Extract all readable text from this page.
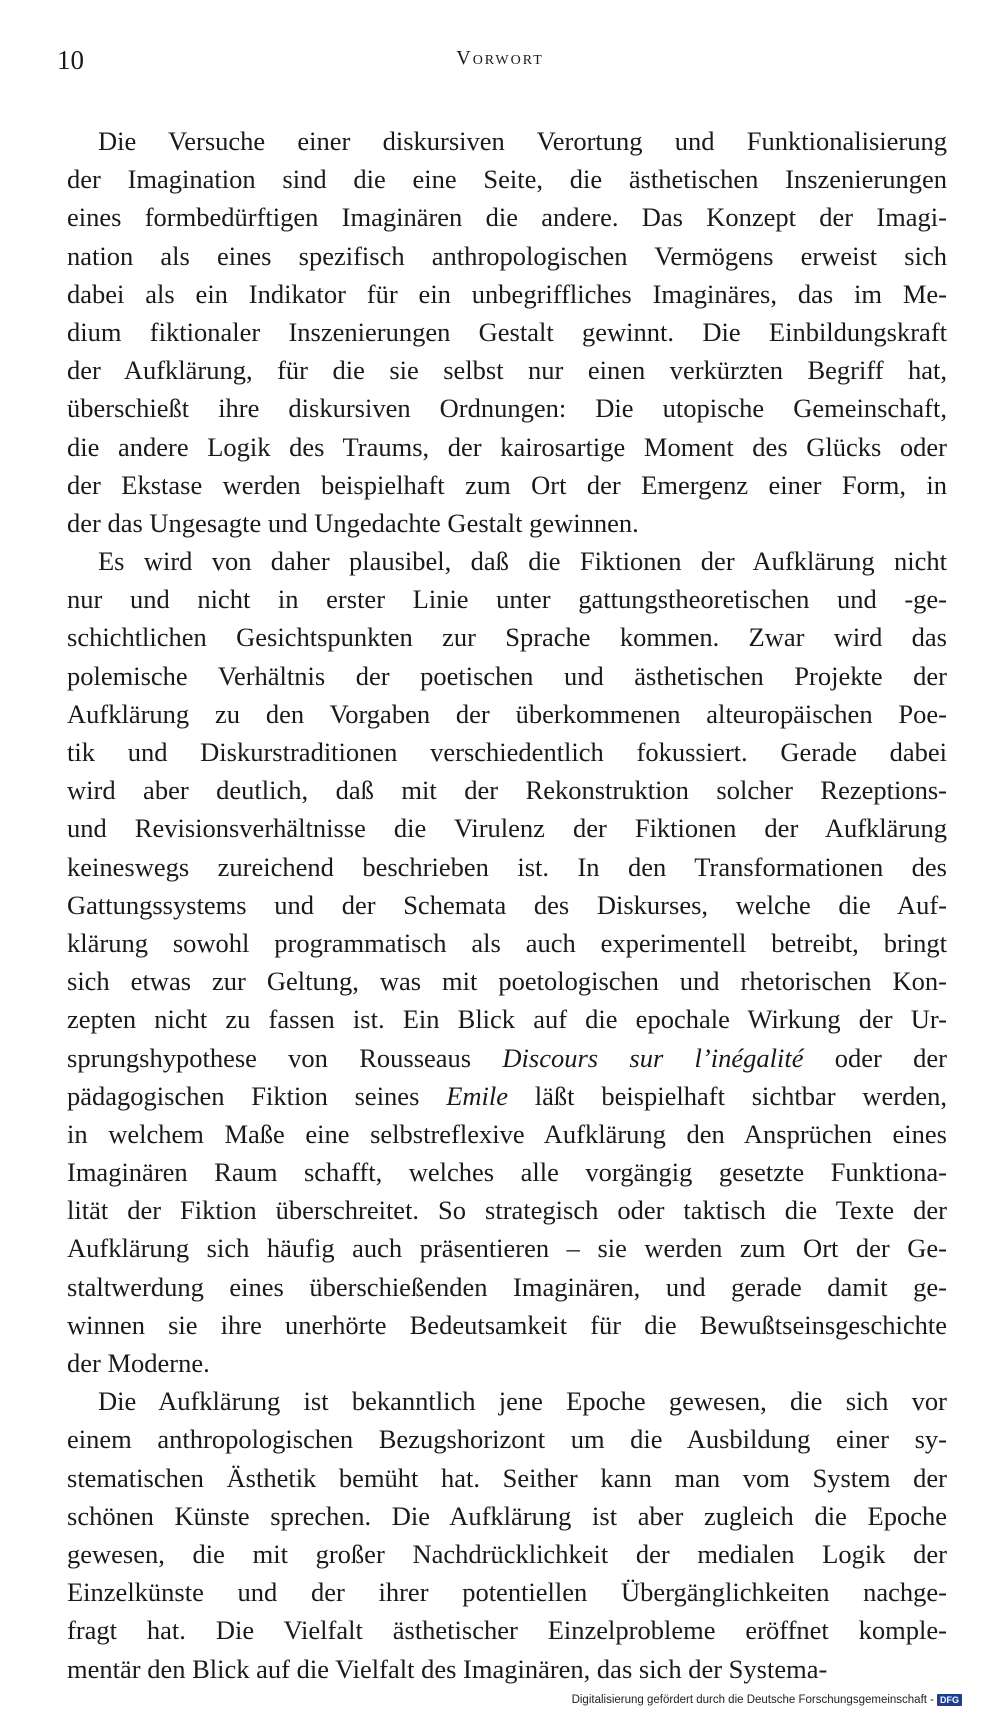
10	Vorwort
Die Versuche einer diskursiven Verortung und Funktionalisierung
der Imagination sind die eine Seite, die ästhetischen Inszenierungen
eines formbedürftigen Imaginären die andere. Das Konzept der Imagi-
nation als eines spezifisch anthropologischen Vermögens erweist sich
dabei als ein Indikator für ein unbegriffliches Imaginäres, das im Me-
dium fiktionaler Inszenierungen Gestalt gewinnt. Die Einbildungskraft
der Aufklärung, für die sie selbst nur einen verkürzten Begriff hat,
überschießt ihre diskursiven Ordnungen: Die utopische Gemeinschaft,
die andere Logik des Traums, der kairosartige Moment des Glücks oder
der Ekstase werden beispielhaft zum Ort der Emergenz einer Form, in
der das Ungesagte und Ungedachte Gestalt gewinnen.
Es wird von daher plausibel, daß die Fiktionen der Aufklärung nicht
nur und nicht in erster Linie unter gattungstheoretischen und -ge-
schichtlichen Gesichtspunkten zur Sprache kommen. Zwar wird das
polemische Verhältnis der poetischen und ästhetischen Projekte der
Aufklärung zu den Vorgaben der überkommenen alteuropäischen Poe-
tik und Diskurstraditionen verschiedentlich fokussiert. Gerade dabei
wird aber deutlich, daß mit der Rekonstruktion solcher Rezeptions-
und Revisionsverhältnisse die Virulenz der Fiktionen der Aufklärung
keineswegs zureichend beschrieben ist. In den Transformationen des
Gattungssystems und der Schemata des Diskurses, welche die Auf-
klärung sowohl programmatisch als auch experimentell betreibt, bringt
sich etwas zur Geltung, was mit poetologischen und rhetorischen Kon-
zepten nicht zu fassen ist. Ein Blick auf die epochale Wirkung der Ur-
sprungshypothese von Rousseaus Discours sur l’inégalité oder der
pädagogischen Fiktion seines Emile läßt beispielhaft sichtbar werden,
in welchem Maße eine selbstreflexive Aufklärung den Ansprüchen eines
Imaginären Raum schafft, welches alle vorgängig gesetzte Funktiona-
lität der Fiktion überschreitet. So strategisch oder taktisch die Texte der
Aufklärung sich häufig auch präsentieren – sie werden zum Ort der Ge-
staltwerdung eines überschießenden Imaginären, und gerade damit ge-
winnen sie ihre unerhörte Bedeutsamkeit für die Bewußtseinsgeschichte
der Moderne.
Die Aufklärung ist bekanntlich jene Epoche gewesen, die sich vor
einem anthropologischen Bezugshorizont um die Ausbildung einer sy-
stematischen Ästhetik bemüht hat. Seither kann man vom System der
schönen Künste sprechen. Die Aufklärung ist aber zugleich die Epoche
gewesen, die mit großer Nachdrücklichkeit der medialen Logik der
Einzelkünste und der ihrer potentiellen Übergänglichkeiten nachge-
fragt hat. Die Vielfalt ästhetischer Einzelprobleme eröffnet komple-
mentär den Blick auf die Vielfalt des Imaginären, das sich der Systema-
Digitalisierung gefördert durch die Deutsche Forschungsgemeinschaft - DFG
